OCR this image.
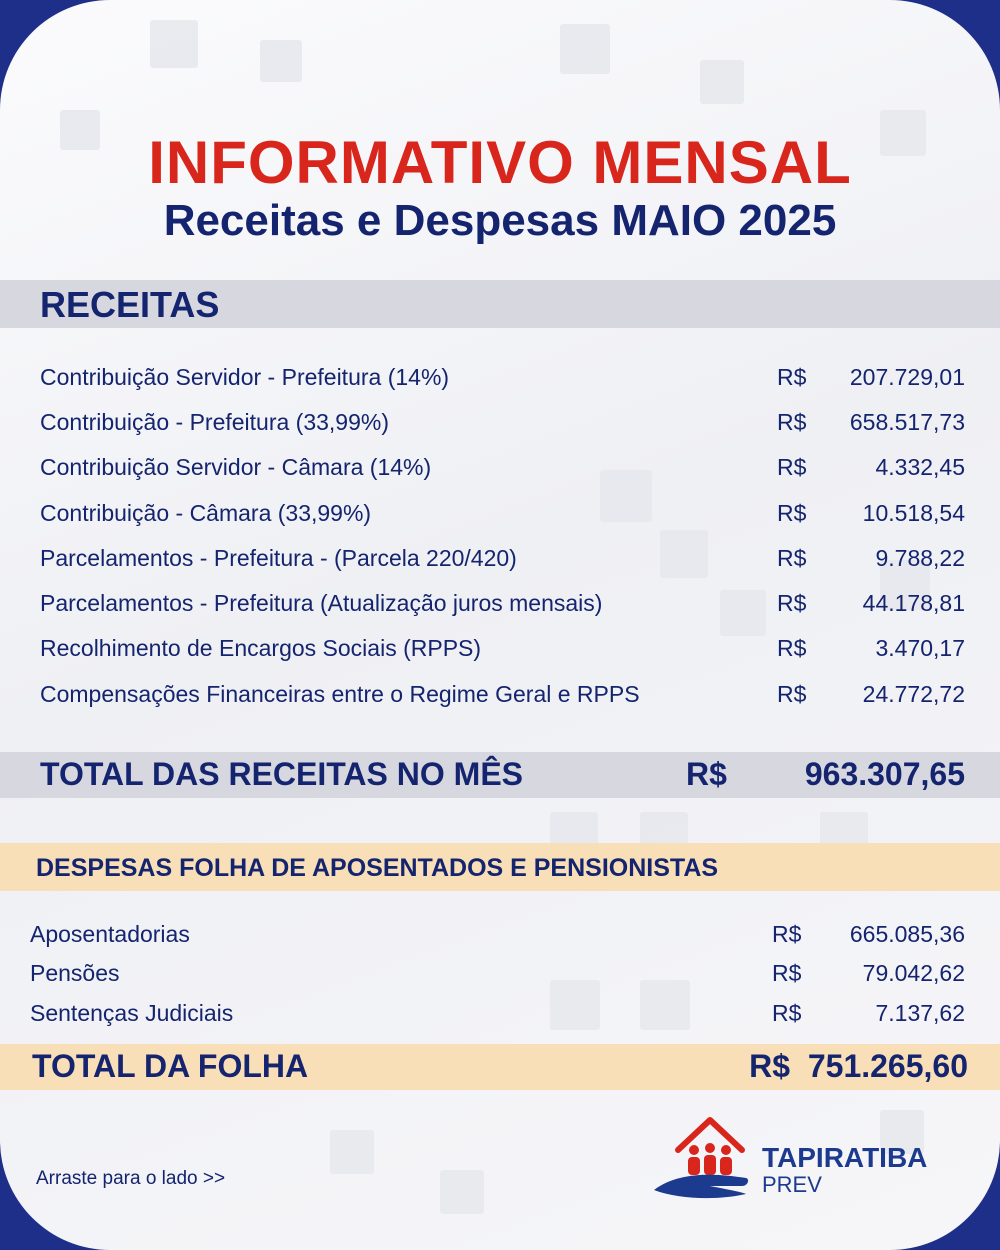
INFORMATIVO MENSAL
Receitas e Despesas MAIO 2025
RECEITAS
Contribuição Servidor - Prefeitura (14%)	R$ 207.729,01
Contribuição - Prefeitura (33,99%)	R$ 658.517,73
Contribuição Servidor - Câmara (14%)	R$	4.332,45
Contribuição - Câmara (33,99%)	R$ 10.518,54
Parcelamentos - Prefeitura - (Parcela 220/420)	R$	9.788,22
Parcelamentos - Prefeitura (Atualização juros mensais)	R$ 44.178,81
Recolhimento de Encargos Sociais (RPPS)	R$	3.470,17
Compensações Financeiras entre o Regime Geral e RPPS	R$ 24.772,72
TOTAL DAS RECEITAS NO MÊS	R$ 963.307,65
DESPESAS FOLHA DE APOSENTADOS E PENSIONISTAS
Aposentadorias	R$ 665.085,36
Pensões	R$	79.042,62
Sentenças Judiciais	R$	7.137,62
TOTAL DA FOLHA	R$  751.265,60
Arraste para o lado >>
TAPIRATIBA
PREV
